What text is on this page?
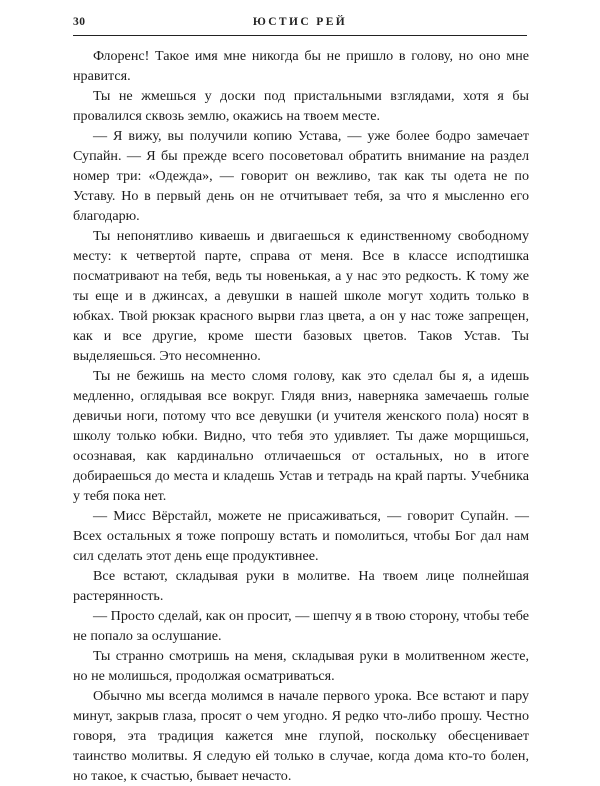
30	ЮСТИС РЕЙ

Флоренс! Такое имя мне никогда бы не пришло в голову, но оно мне нравится.

Ты не жмешься у доски под пристальными взглядами, хотя я бы провалился сквозь землю, окажись на твоем месте.

— Я вижу, вы получили копию Устава, — уже более бодро замечает Супайн. — Я бы прежде всего посоветовал обратить внимание на раздел номер три: «Одежда», — говорит он вежливо, так как ты одета не по Уставу. Но в первый день он не отчитывает тебя, за что я мысленно его благодарю.

Ты непонятливо киваешь и двигаешься к единственному свободному месту: к четвертой парте, справа от меня. Все в классе исподтишка посматривают на тебя, ведь ты новенькая, а у нас это редкость. К тому же ты еще и в джинсах, а девушки в нашей школе могут ходить только в юбках. Твой рюкзак красного вырви глаз цвета, а он у нас тоже запрещен, как и все другие, кроме шести базовых цветов. Таков Устав. Ты выделяешься. Это несомненно.

Ты не бежишь на место сломя голову, как это сделал бы я, а идешь медленно, оглядывая все вокруг. Глядя вниз, наверняка замечаешь голые девичьи ноги, потому что все девушки (и учителя женского пола) носят в школу только юбки. Видно, что тебя это удивляет. Ты даже морщишься, осознавая, как кардинально отличаешься от остальных, но в итоге добираешься до места и кладешь Устав и тетрадь на край парты. Учебника у тебя пока нет.

— Мисс Вёрстайл, можете не присаживаться, — говорит Супайн. — Всех остальных я тоже попрошу встать и помолиться, чтобы Бог дал нам сил сделать этот день еще продуктивнее.

Все встают, складывая руки в молитве. На твоем лице полнейшая растерянность.

— Просто сделай, как он просит, — шепчу я в твою сторону, чтобы тебе не попало за ослушание.

Ты странно смотришь на меня, складывая руки в молитвенном жесте, но не молишься, продолжая осматриваться.

Обычно мы всегда молимся в начале первого урока. Все встают и пару минут, закрыв глаза, просят о чем угодно. Я редко что-либо прошу. Честно говоря, эта традиция кажется мне глупой, поскольку обесценивает таинство молитвы. Я следую ей только в случае, когда дома кто-то болен, но такое, к счастью, бывает нечасто.
